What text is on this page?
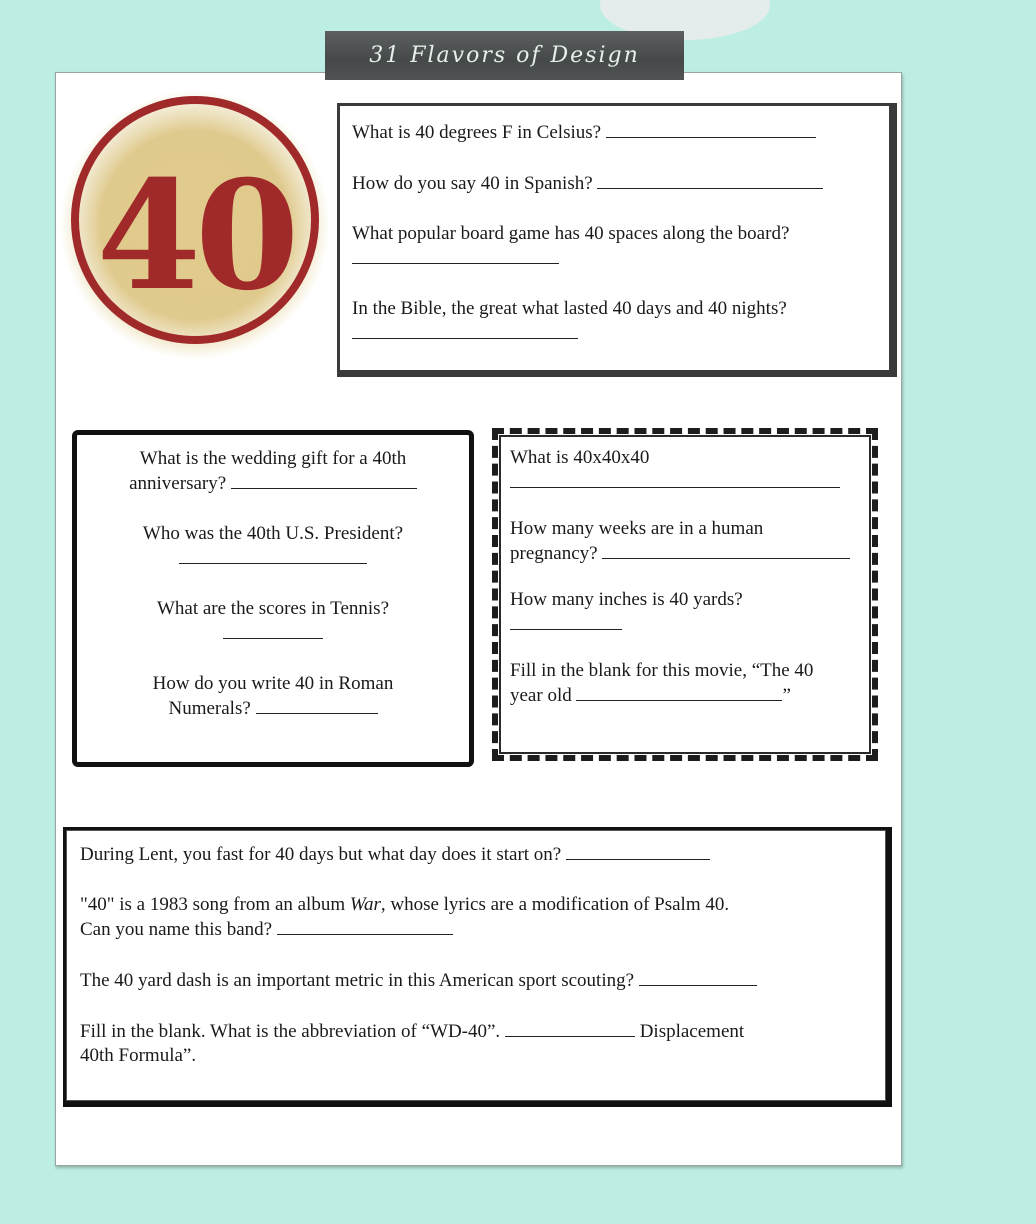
31 Flavors of Design
40

What is 40 degrees F in Celsius?

How do you say 40 in Spanish?

What popular board game has 40 spaces along the board?

In the Bible, the great what lasted 40 days and 40 nights?

What is the wedding gift for a 40th
anniversary?

Who was the 40th U.S. President?

What are the scores in Tennis?

How do you write 40 in Roman
Numerals?

What is 40x40x40

How many weeks are in a human
pregnancy?

How many inches is 40 yards?

Fill in the blank for this movie, “The 40
year old	”

During Lent, you fast for 40 days but what day does it start on?

"40" is a 1983 song from an album War, whose lyrics are a modification of Psalm 40.
Can you name this band?

The 40 yard dash is an important metric in this American sport scouting?

Fill in the blank. What is the abbreviation of “WD-40”.	Displacement
40th Formula”.
